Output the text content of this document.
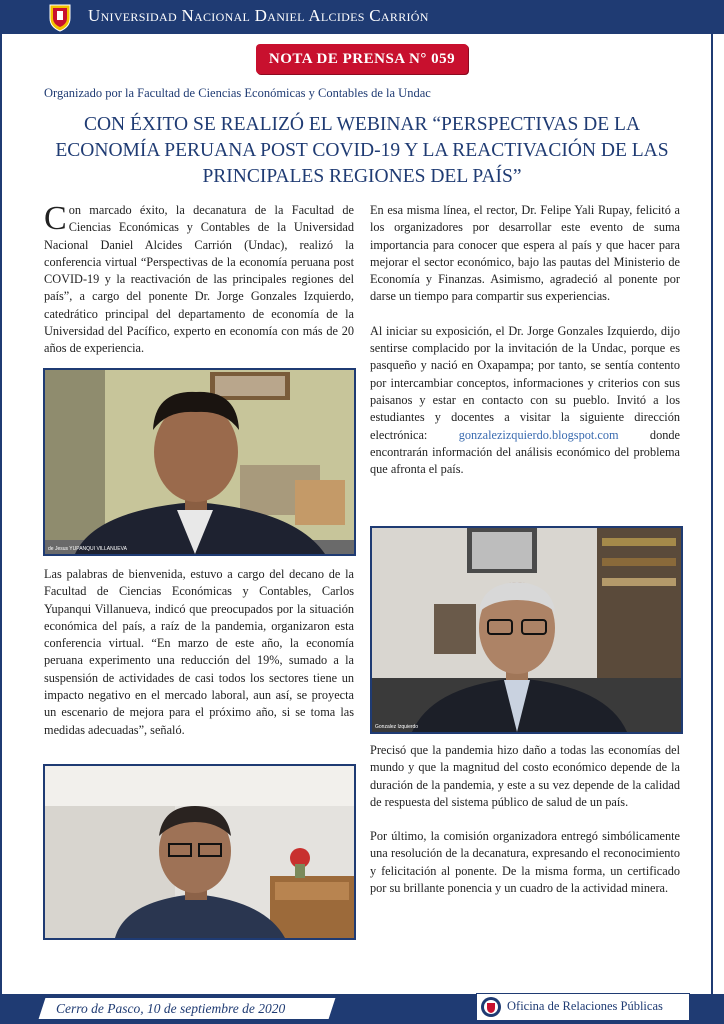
Universidad Nacional Daniel Alcides Carrión
NOTA DE PRENSA N° 059
Organizado por la Facultad de Ciencias Económicas y Contables de la Undac
CON ÉXITO SE REALIZÓ EL WEBINAR “PERSPECTIVAS DE LA ECONOMÍA PERUANA POST COVID-19 Y LA REACTIVACIÓN DE LAS PRINCIPALES REGIONES DEL PAÍS”

Con marcado éxito, la decanatura de la Facultad de Ciencias Económicas y Contables de la Universidad Nacional Daniel Alcides Carrión (Undac), realizó la conferencia virtual “Perspectivas de la economía peruana post COVID-19 y la reactivación de las principales regiones del país”, a cargo del ponente Dr. Jorge Gonzales Izquierdo, catedrático principal del departamento de economía de la Universidad del Pacífico, experto en economía con más de 20 años de experiencia.

de Jesus YUPANQUI VILLANUEVA

Las palabras de bienvenida, estuvo a cargo del decano de la Facultad de Ciencias Económicas y Contables, Carlos Yupanqui Villanueva, indicó que preocupados por la situación económica del país, a raíz de la pandemia, organizaron esta conferencia virtual. “En marzo de este año, la economía peruana experimento una reducción del 19%, sumado a la suspensión de actividades de casi todos los sectores tiene un impacto negativo en el mercado laboral, aun así, se proyecta un escenario de mejora para el próximo año, si se toma las medidas adecuadas”, señaló.

En esa misma línea, el rector, Dr. Felipe Yali Rupay, felicitó a los organizadores por desarrollar este evento de suma importancia para conocer que espera al país y que hacer para mejorar el sector económico, bajo las pautas del Ministerio de Economía y Finanzas. Asimismo, agradeció al ponente por darse un tiempo para compartir sus experiencias.

Al iniciar su exposición, el Dr. Jorge Gonzales Izquierdo, dijo sentirse complacido por la invitación de la Undac, porque es pasqueño y nació en Oxapampa; por tanto, se sentía contento por intercambiar conceptos, informaciones y criterios con sus paisanos y estar en contacto con su pueblo. Invitó a los estudiantes y docentes a visitar la siguiente dirección electrónica: gonzalezizquierdo.blogspot.com donde encontrarán información del análisis económico del problema que afronta el país.

Gonzalez Izquierdo

Precisó que la pandemia hizo daño a todas las economías del mundo y que la magnitud del costo económico depende de la duración de la pandemia, y este a su vez depende de la calidad de respuesta del sistema público de salud de un país.

Por último, la comisión organizadora entregó simbólicamente una resolución de la decanatura, expresando el reconocimiento y felicitación al ponente. De la misma forma, un certificado por su brillante ponencia y un cuadro de la actividad minera.

Cerro de Pasco, 10 de septiembre de 2020	Oficina de Relaciones Públicas
